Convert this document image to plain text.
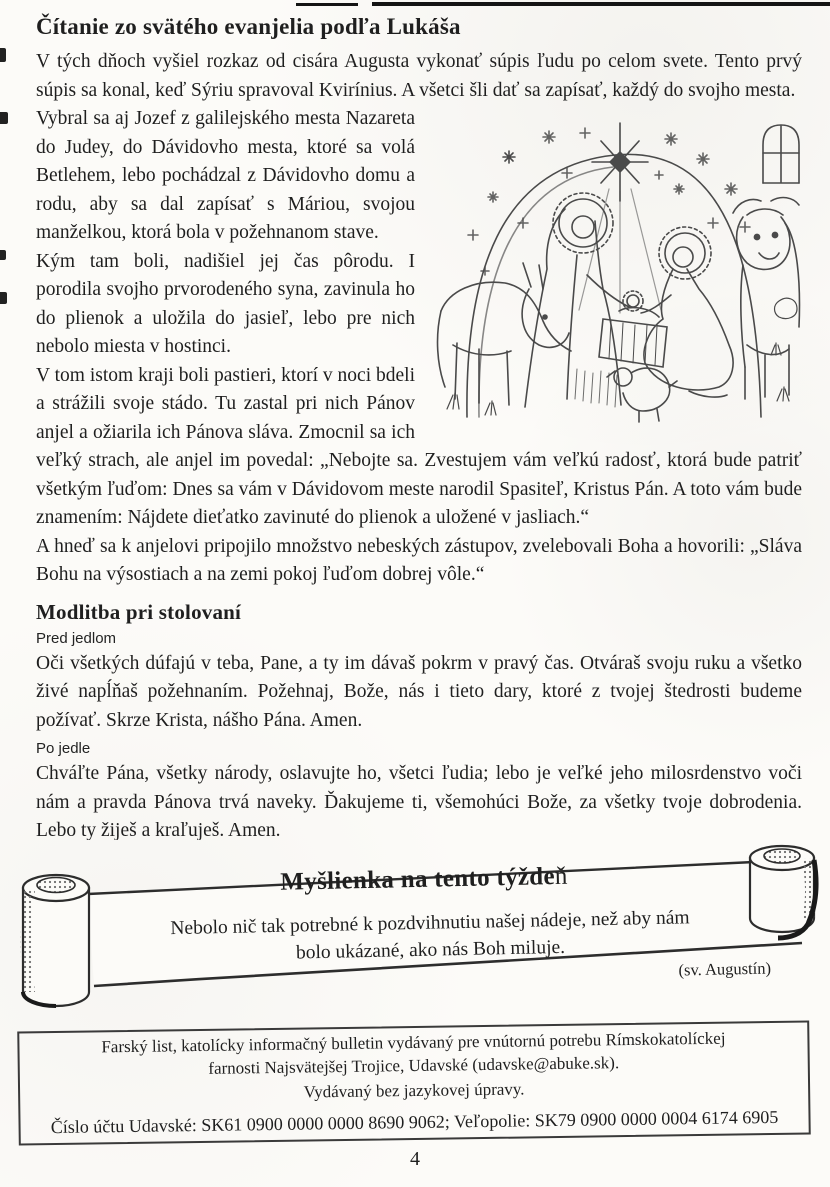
Čítanie zo svätého evanjelia podľa Lukáša

V tých dňoch vyšiel rozkaz od cisára Augusta vykonať súpis ľudu po celom svete. Tento prvý súpis sa konal, keď Sýriu spravoval Kvirínius. A všetci šli dať sa zapísať, každý do svojho mesta.

Vybral sa aj Jozef z galilejského mesta Nazareta do Judey, do Dávidovho mesta, ktoré sa volá Betlehem, lebo pochádzal z Dávidovho domu a rodu, aby sa dal zapísať s Máriou, svojou manželkou, ktorá bola v požehnanom stave.

Kým tam boli, nadišiel jej čas pôrodu. I porodila svojho prvorodeného syna, zavinula ho do plienok a uložila do jasieľ, lebo pre nich nebolo miesta v hostinci.

V tom istom kraji boli pastieri, ktorí v noci bdeli a strážili svoje stádo. Tu zastal pri nich Pánov anjel a ožiarila ich Pánova sláva. Zmocnil sa ich veľký strach, ale anjel im povedal: „Nebojte sa. Zvestujem vám veľkú radosť, ktorá bude patriť všetkým ľuďom: Dnes sa vám v Dávidovom meste narodil Spasiteľ, Kristus Pán. A toto vám bude znamením: Nájdete dieťatko zavinuté do plienok a uložené v jasliach.“

A hneď sa k anjelovi pripojilo množstvo nebeských zástupov, zvelebovali Boha a hovorili: „Sláva Bohu na výsostiach a na zemi pokoj ľuďom dobrej vôle.“

Modlitba pri stolovaní
Pred jedlom

Oči všetkých dúfajú v teba, Pane, a ty im dávaš pokrm v pravý čas. Otváraš svoju ruku a všetko živé napĺňaš požehnaním. Požehnaj, Bože, nás i tieto dary, ktoré z tvojej štedrosti budeme požívať. Skrze Krista, nášho Pána. Amen.

Po jedle

Chváľte Pána, všetky národy, oslavujte ho, všetci ľudia; lebo je veľké jeho milosrdenstvo voči nám a pravda Pánova trvá naveky. Ďakujeme ti, všemohúci Bože, za všetky tvoje dobrodenia. Lebo ty žiješ a kraľuješ. Amen.

Myšlienka na tento týždeň
Nebolo nič tak potrebné k pozdvihnutiu našej nádeje, než aby nám bolo ukázané, ako nás Boh miluje.
(sv. Augustín)

Farský list, katolícky informačný bulletin vydávaný pre vnútornú potrebu Rímskokatolíckej farnosti Najsvätejšej Trojice, Udavské (udavske@abuke.sk).

Vydávaný bez jazykovej úpravy.

Číslo účtu Udavské: SK61 0900 0000 0000 8690 9062; Veľopolie: SK79 0900 0000 0004 6174 6905

4
